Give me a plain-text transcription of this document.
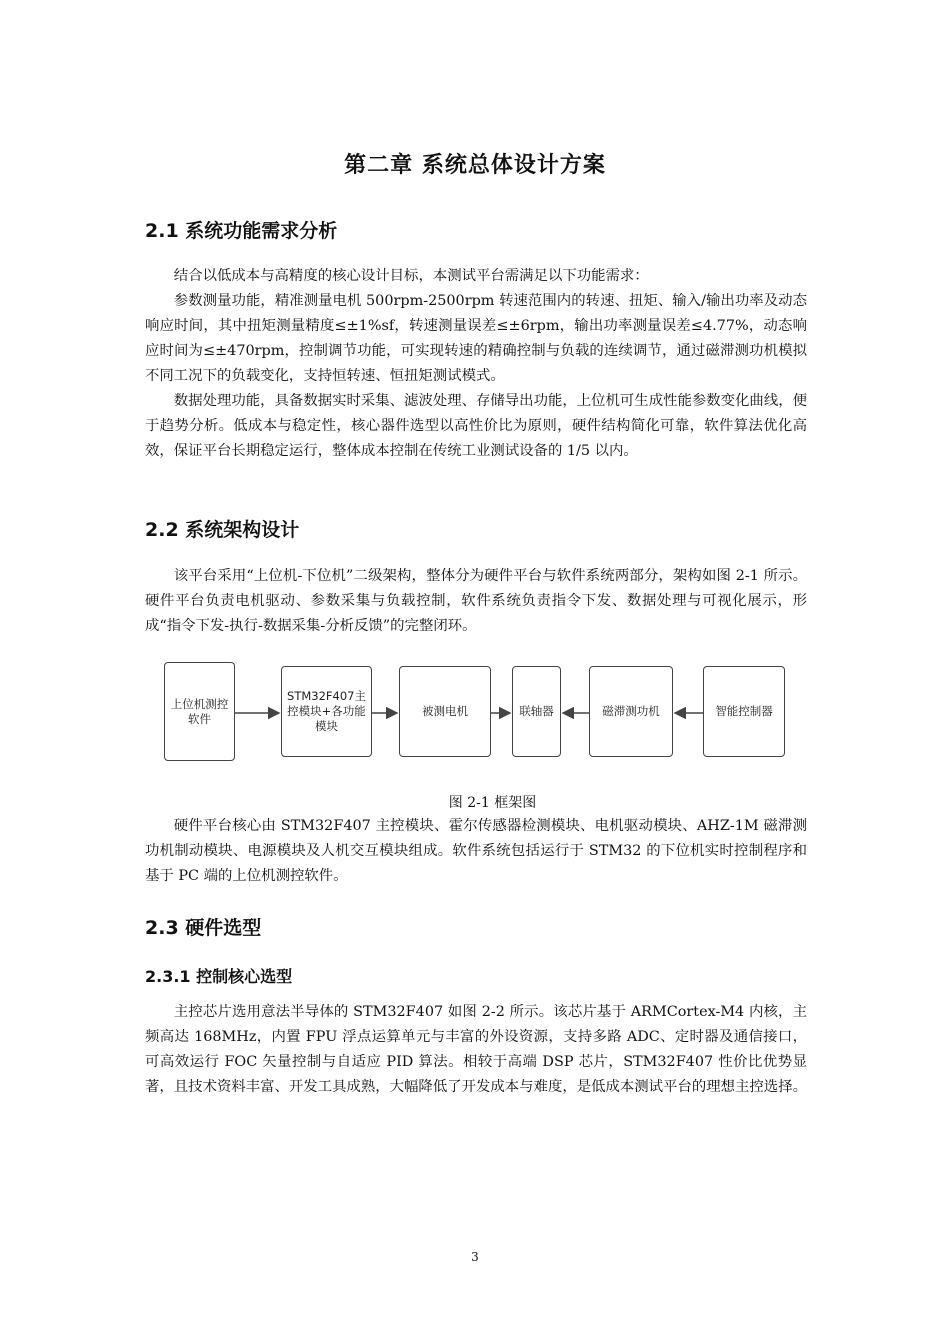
第二章 系统总体设计方案
2.1 系统功能需求分析

结合以低成本与高精度的核心设计目标，本测试平台需满足以下功能需求：

参数测量功能，精准测量电机 500rpm-2500rpm 转速范围内的转速、扭矩、输入/输出功率及动态响应时间，其中扭矩测量精度≤±1%sf，转速测量误差≤±6rpm，输出功率测量误差≤4.77%，动态响应时间为≤±470rpm，控制调节功能，可实现转速的精确控制与负载的连续调节，通过磁滞测功机模拟不同工况下的负载变化，支持恒转速、恒扭矩测试模式。

数据处理功能，具备数据实时采集、滤波处理、存储导出功能，上位机可生成性能参数变化曲线，便于趋势分析。低成本与稳定性，核心器件选型以高性价比为原则，硬件结构简化可靠，软件算法优化高效，保证平台长期稳定运行，整体成本控制在传统工业测试设备的 1/5 以内。

2.2 系统架构设计

该平台采用“上位机-下位机”二级架构，整体分为硬件平台与软件系统两部分，架构如图 2-1 所示。硬件平台负责电机驱动、参数采集与负载控制，软件系统负责指令下发、数据处理与可视化展示，形成“指令下发-执行-数据采集-分析反馈”的完整闭环。

上位机测控软件
STM32F407主控模块+各功能模块
被测电机	联轴器	磁滞测功机	智能控制器
图 2-1 框架图

硬件平台核心由 STM32F407 主控模块、霍尔传感器检测模块、电机驱动模块、AHZ-1M 磁滞测功机制动模块、电源模块及人机交互模块组成。软件系统包括运行于 STM32 的下位机实时控制程序和基于 PC 端的上位机测控软件。

2.3 硬件选型
2.3.1 控制核心选型

主控芯片选用意法半导体的 STM32F407 如图 2-2 所示。该芯片基于 ARMCortex-M4 内核，主频高达 168MHz，内置 FPU 浮点运算单元与丰富的外设资源，支持多路 ADC、定时器及通信接口，可高效运行 FOC 矢量控制与自适应 PID 算法。相较于高端 DSP 芯片，STM32F407 性价比优势显著，且技术资料丰富、开发工具成熟，大幅降低了开发成本与难度，是低成本测试平台的理想主控选择。

3
